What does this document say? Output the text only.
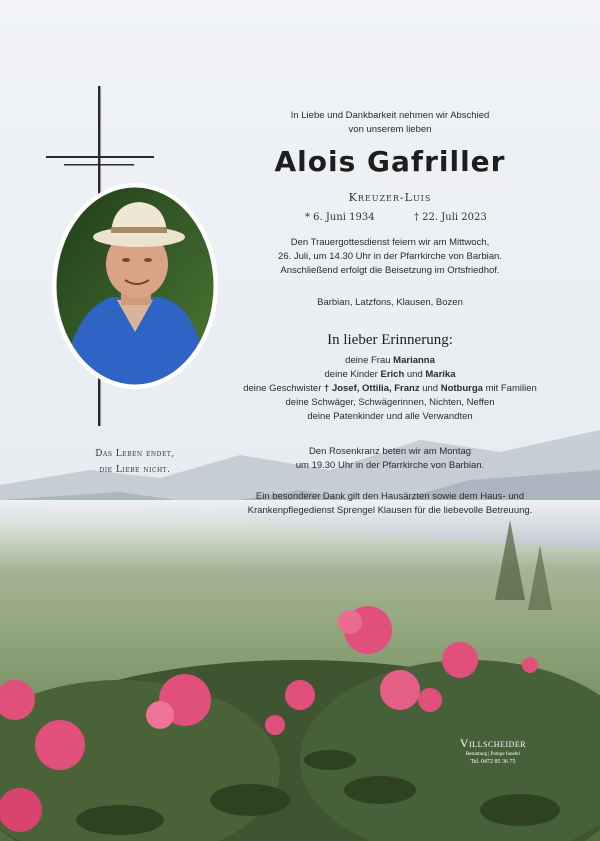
In Liebe und Dankbarkeit nehmen wir Abschied
von unserem lieben
Alois Gafriller
Kreuzer-Luis
* 6. Juni 1934	† 22. Juli 2023
Den Trauergottesdienst feiern wir am Mittwoch,
26. Juli, um 14.30 Uhr in der Pfarrkirche von Barbian.
Anschließend erfolgt die Beisetzung im Ortsfriedhof.
Barbian, Latzfons, Klausen, Bozen
In lieber Erinnerung:
deine Frau Marianna
deine Kinder Erich und Marika
deine Geschwister † Josef, Ottilia, Franz und Notburga mit Familien
deine Schwäger, Schwägerinnen, Nichten, Neffen
deine Patenkinder und alle Verwandten
Den Rosenkranz beten wir am Montag
um 19.30 Uhr in der Pfarrkirche von Barbian.
Ein besonderer Dank gilt den Hausärzten sowie dem Haus- und
Krankenpflegedienst Sprengel Klausen für die liebevolle Betreuung.
Das Leben endet,
die Liebe nicht.
Villscheider
Bestattung | Pompe funebri
Tel. 0472 85 36 75
